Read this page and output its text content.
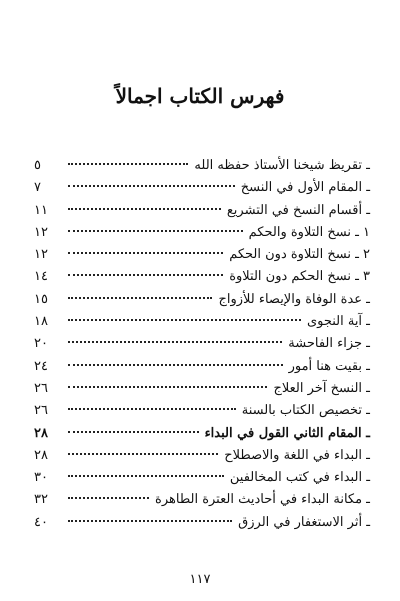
فهرس الكتاب اجمالاً
ـ تقريظ شيخنا الأستاذ حفظه الله
٥
ـ المقام الأول في النسخ
٧
ـ أقسام النسخ في التشريع
١١
١ ـ نسخ التلاوة والحكم
١٢
٢ ـ نسخ التلاوة دون الحكم
١٢
٣ ـ نسخ الحكم دون التلاوة
١٤
ـ عدة الوفاة والإيصاء للأزواج
١٥
ـ آية النجوى
١٨
ـ جزاء الفاحشة
٢٠
ـ بقيت هنا أمور
٢٤
ـ النسخ آخر العلاج
٢٦
ـ تخصيص الكتاب بالسنة
٢٦
ـ المقام الثاني القول في البداء
٢٨
ـ البداء في اللغة والاصطلاح
٢٨
ـ البداء في كتب المخالفين
٣٠
ـ مكانة البداء في أحاديث العترة الطاهرة
٣٢
ـ أثر الاستغفار في الرزق
٤٠
١١٧
